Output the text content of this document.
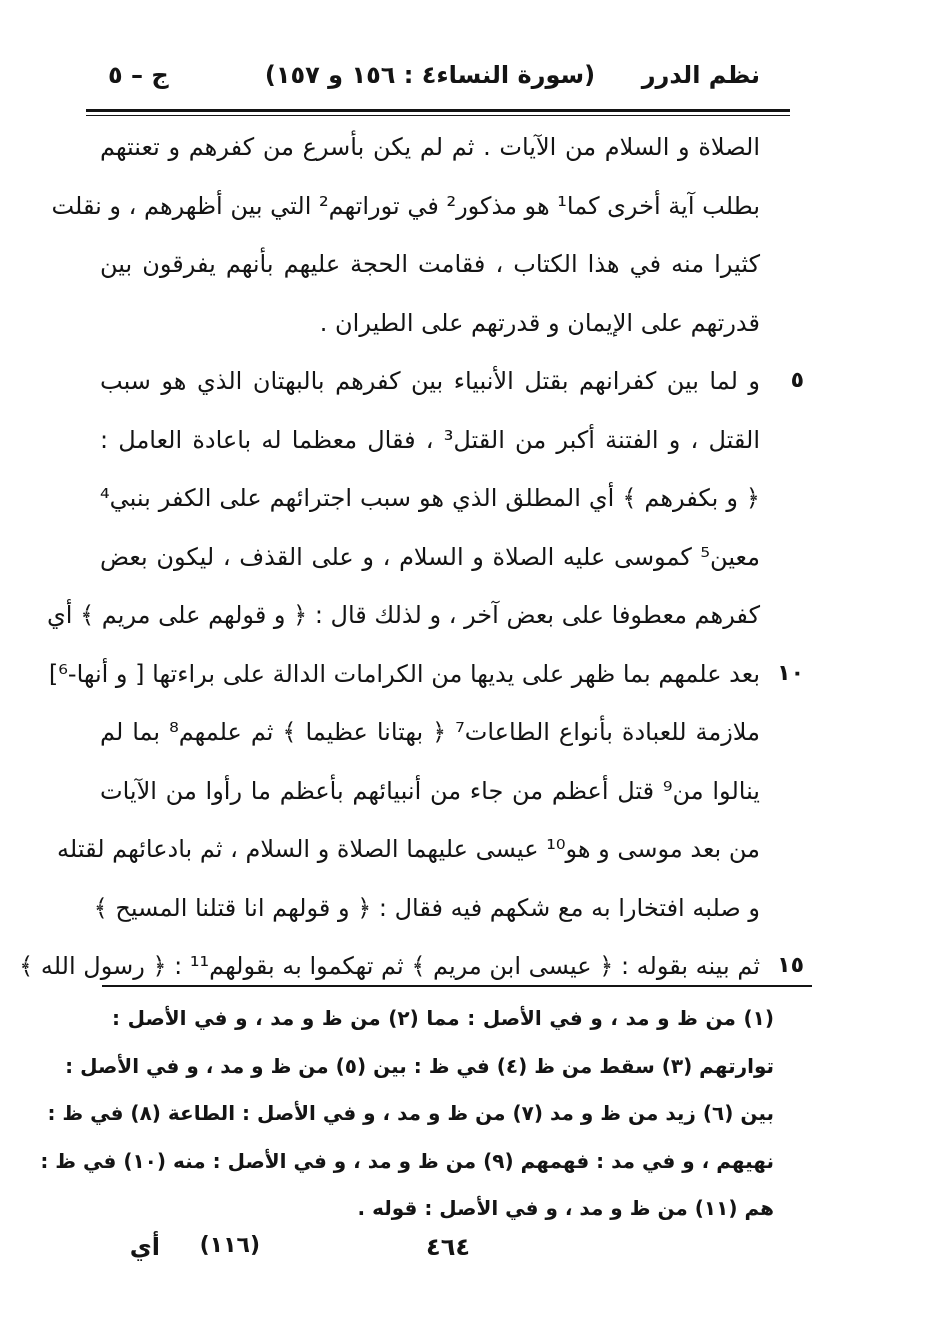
نظم الدرر
(سورة النساء٤ : ١٥٦ و ١٥٧)
ج – ٥
الصلاة و السلام من الآيات . ثم لم يكن بأسرع من كفرهم و تعنتهم
بطلب آية أخرى كما¹ هو مذكور² في توراتهم² التي بين أظهرهم ، و نقلت
كثيرا منه في هذا الكتاب ، فقامت الحجة عليهم بأنهم يفرقون بين
قدرتهم على الإيمان و قدرتهم على الطيران .
٥
و لما بين كفرانهم بقتل الأنبياء بين كفرهم بالبهتان الذي هو سبب
القتل ، و الفتنة أكبر من القتل³ ، فقال معظما له باعادة العامل :
﴿ و بكفرهم ﴾ أي المطلق الذي هو سبب اجترائهم على الكفر بنبي⁴
معين⁵ كموسى عليه الصلاة و السلام ، و على القذف ، ليكون بعض
كفرهم معطوفا على بعض آخر ، و لذلك قال : ﴿ و قولهم على مريم ﴾ أي
١٠
بعد علمهم بما ظهر على يديها من الكرامات الدالة على براءتها [ و أنها-⁶]
ملازمة للعبادة بأنواع الطاعات⁷ ﴿ بهتانا عظيما ﴾ ثم علمهم⁸ بما لم
ينالوا من⁹ قتل أعظم من جاء من أنبيائهم بأعظم ما رأوا من الآيات
من بعد موسى و هو¹⁰ عيسى عليهما الصلاة و السلام ، ثم بادعائهم لقتله
و صلبه افتخارا به مع شكهم فيه فقال : ﴿ و قولهم انا قتلنا المسيح ﴾
١٥
ثم بينه بقوله : ﴿ عيسى ابن مريم ﴾ ثم تهكموا به بقولهم¹¹ : ﴿ رسول الله ﴾
(١) من ظ و مد ، و في الأصل : مما (٢) من ظ و مد ، و في الأصل :
توارتهم (٣) سقط من ظ (٤) في ظ : بين (٥) من ظ و مد ، و في الأصل :
بين (٦) زيد من ظ و مد (٧) من ظ و مد ، و في الأصل : الطاعة (٨) في ظ :
نهيهم ، و في مد : فهمهم (٩) من ظ و مد ، و في الأصل : منه (١٠) في ظ :
هم (١١) من ظ و مد ، و في الأصل : قوله .
٤٦٤
(١١٦)
أي
